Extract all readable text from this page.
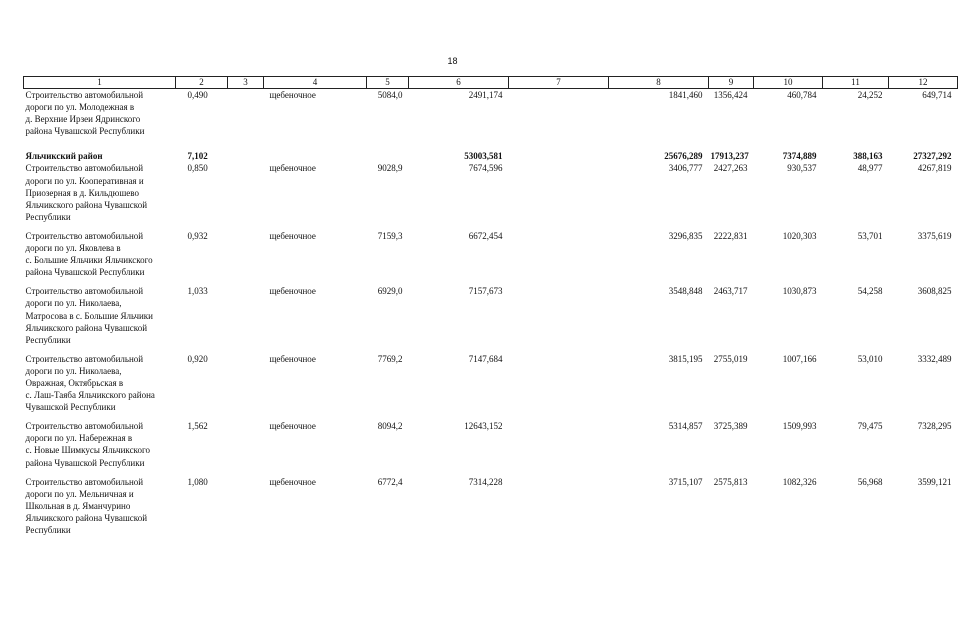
18
1	2	3	4	5	6	7	8	9	10	11	12

Строительство автомобильной
дороги по ул. Молодежная в
д. Верхние Ирзеи Ядринского
района Чувашской Республики	0,490		щебеночное	5084,0	2491,174		1841,460	1356,424	460,784	24,252	649,714

Яльчикский район	7,102				53003,581		25676,289	17913,237	7374,889	388,163	27327,292

Строительство автомобильной
дороги по ул. Кооперативная и
Приозерная в д. Кильдюшево
Яльчикского района Чувашской
Республики	0,850		щебеночное	9028,9	7674,596		3406,777	2427,263	930,537	48,977	4267,819

Строительство автомобильной
дороги по ул. Яковлева в
с. Большие Яльчики Яльчикского
района Чувашской Республики	0,932		щебеночное	7159,3	6672,454		3296,835	2222,831	1020,303	53,701	3375,619

Строительство автомобильной
дороги по ул. Николаева,
Матросова в с. Большие Яльчики
Яльчикского района Чувашской
Республики	1,033		щебеночное	6929,0	7157,673		3548,848	2463,717	1030,873	54,258	3608,825

Строительство автомобильной
дороги по ул. Николаева,
Овражная, Октябрьская в
с. Лаш-Таяба Яльчикского района
Чувашской Республики	0,920		щебеночное	7769,2	7147,684		3815,195	2755,019	1007,166	53,010	3332,489

Строительство автомобильной
дороги по ул. Набережная в
с. Новые Шимкусы Яльчикского
района Чувашской Республики	1,562		щебеночное	8094,2	12643,152		5314,857	3725,389	1509,993	79,475	7328,295

Строительство автомобильной
дороги по ул. Мельничная и
Школьная в д. Яманчурино
Яльчикского района Чувашской
Республики	1,080		щебеночное	6772,4	7314,228		3715,107	2575,813	1082,326	56,968	3599,121
